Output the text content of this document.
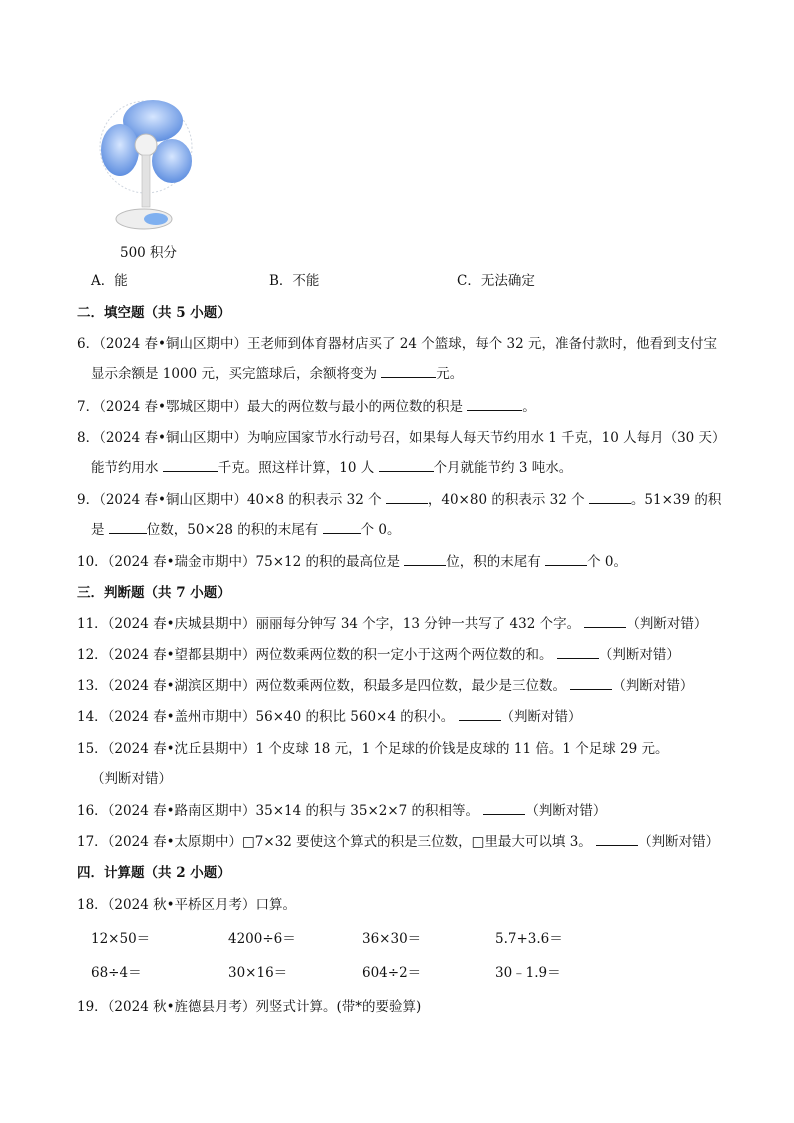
500 积分
A．能	B．不能	C．无法确定
二．填空题（共 5 小题）
6．（2024 春•铜山区期中）王老师到体育器材店买了 24 个篮球，每个 32 元，准备付款时，他看到支付宝
显示余额是 1000 元，买完篮球后，余额将变为	元。
7．（2024 春•鄂城区期中）最大的两位数与最小的两位数的积是	。
8．（2024 春•铜山区期中）为响应国家节水行动号召，如果每人每天节约用水 1 千克，10 人每月（30 天）
能节约用水	千克。照这样计算，10 人	个月就能节约 3 吨水。
9．（2024 春•铜山区期中）40×8 的积表示 32 个	，40×80 的积表示 32 个	。51×39 的积
是	位数，50×28 的积的末尾有	个 0。
10．（2024 春•瑞金市期中）75×12 的积的最高位是	位，积的末尾有	个 0。
三．判断题（共 7 小题）
11．（2024 春•庆城县期中）丽丽每分钟写 34 个字，13 分钟一共写了 432 个字。	（判断对错）
12．（2024 春•望都县期中）两位数乘两位数的积一定小于这两个两位数的和。	（判断对错）
13．（2024 春•湖滨区期中）两位数乘两位数，积最多是四位数，最少是三位数。	（判断对错）
14．（2024 春•盖州市期中）56×40 的积比 560×4 的积小。	（判断对错）
15．（2024 春•沈丘县期中）1 个皮球 18 元，1 个足球的价钱是皮球的 11 倍。1 个足球 29 元。
（判断对错）
16．（2024 春•路南区期中）35×14 的积与 35×2×7 的积相等。	（判断对错）
17．（2024 春•太原期中）□7×32 要使这个算式的积是三位数，□里最大可以填 3。	（判断对错）
四．计算题（共 2 小题）
18．（2024 秋•平桥区月考）口算。
12×50＝	4200÷6＝	36×30＝	5.7+3.6＝
68÷4＝	30×16＝	604÷2＝	30﹣1.9＝
19．（2024 秋•旌德县月考）列竖式计算。(带*的要验算)
